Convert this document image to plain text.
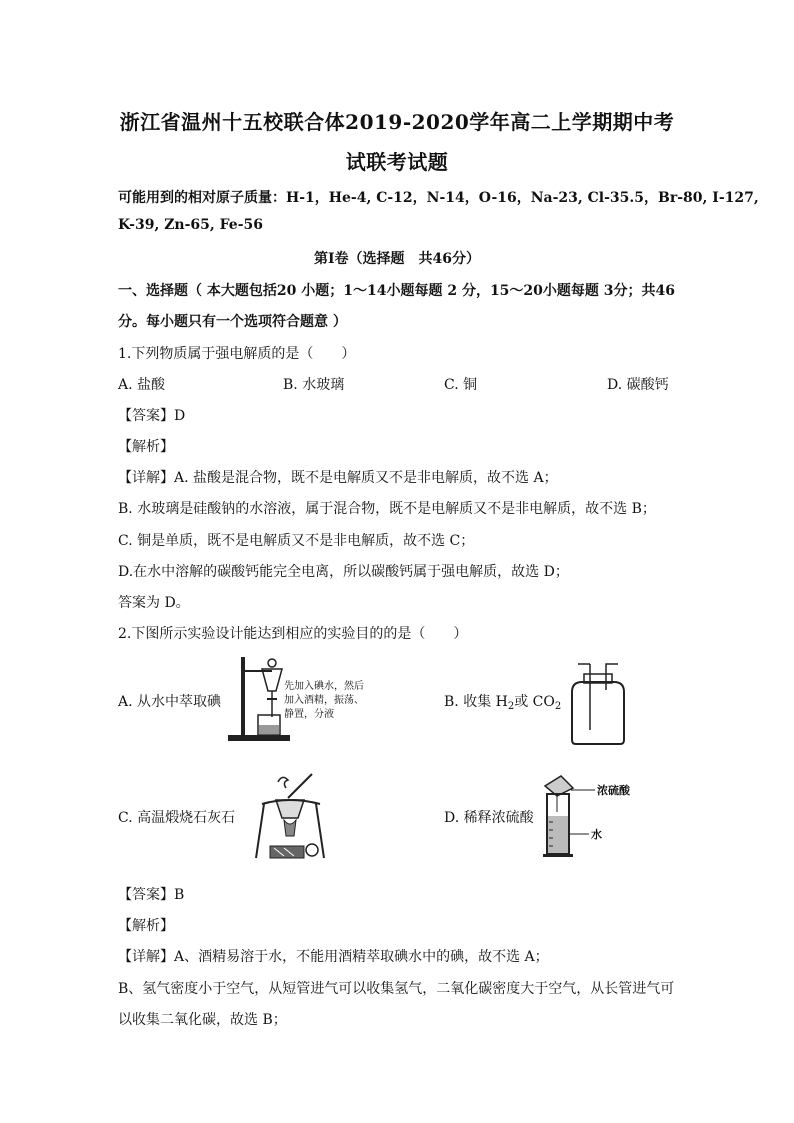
浙江省温州十五校联合体2019-2020学年高二上学期期中考
试联考试题
可能用到的相对原子质量：H-1，He-4, C-12，N-14，O-16，Na-23, Cl-35.5，Br-80, I-127,
K-39, Zn-65, Fe-56
第Ⅰ卷（选择题　共46分）
一、选择题（ 本大题包括20 小题；1～14小题每题 2 分，15～20小题每题 3分；共46
分。每小题只有一个选项符合题意 ）
1.下列物质属于强电解质的是（　　）
A. 盐酸	B. 水玻璃	C. 铜	D. 碳酸钙
【答案】D
【解析】
【详解】A. 盐酸是混合物，既不是电解质又不是非电解质，故不选 A；
B. 水玻璃是硅酸钠的水溶液，属于混合物，既不是电解质又不是非电解质，故不选 B；
C. 铜是单质，既不是电解质又不是非电解质，故不选 C；
D.在水中溶解的碳酸钙能完全电离，所以碳酸钙属于强电解质，故选 D；
答案为 D。
2.下图所示实验设计能达到相应的实验目的的是（　　）
A. 从水中萃取碘
先加入碘水，然后
加入酒精，振荡、
静置，分液
B. 收集 $H_2$或 $CO_2$
C. 高温煅烧石灰石	D. 稀释浓硫酸
浓硫酸
水
【答案】B
【解析】
【详解】A、酒精易溶于水，不能用酒精萃取碘水中的碘，故不选 A；
B、氢气密度小于空气，从短管进气可以收集氢气，二氧化碳密度大于空气，从长管进气可
以收集二氧化碳，故选 B；
